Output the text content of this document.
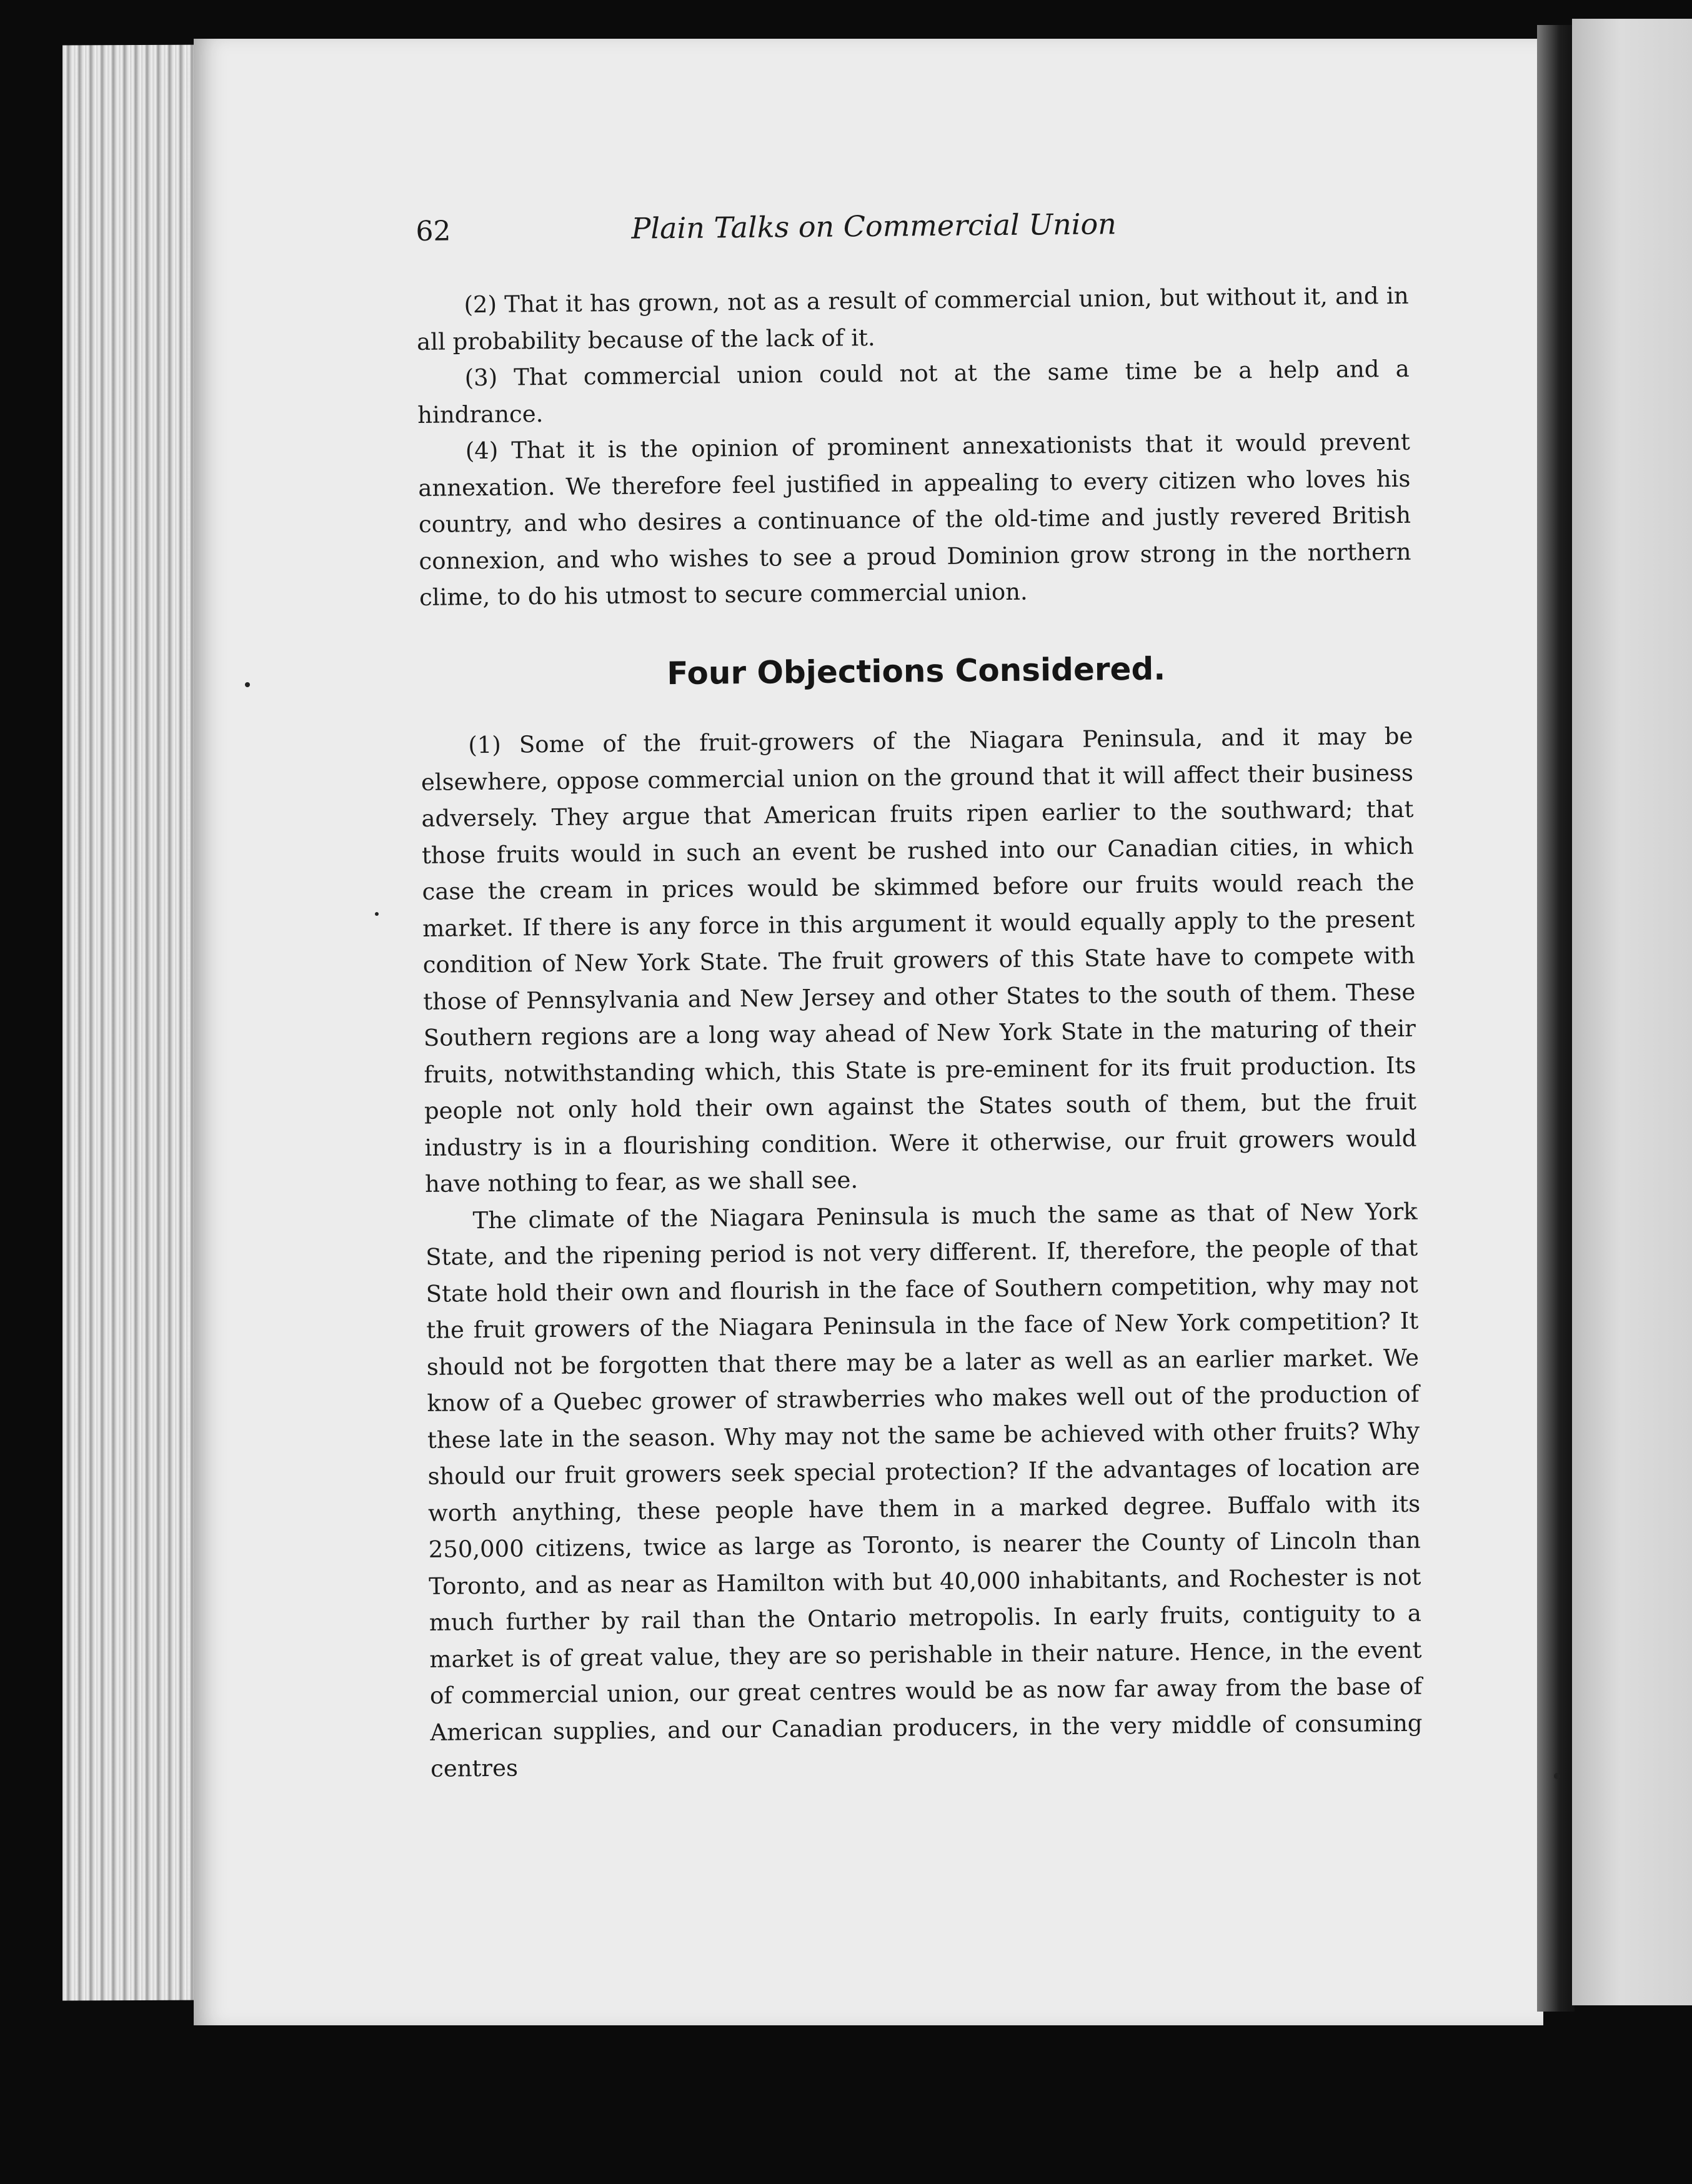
62	Plain Talks on Commercial Union

(2) That it has grown, not as a result of commercial union, but without it, and in all probability because of the lack of it.

(3) That commercial union could not at the same time be a help and a hindrance.

(4) That it is the opinion of prominent annexationists that it would prevent annexation. We therefore feel justified in appealing to every citizen who loves his country, and who desires a continuance of the old-time and justly revered British connexion, and who wishes to see a proud Dominion grow strong in the northern clime, to do his utmost to secure commercial union.

Four Objections Considered.

(1) Some of the fruit-growers of the Niagara Peninsula, and it may be elsewhere, oppose commercial union on the ground that it will affect their business adversely. They argue that American fruits ripen earlier to the southward; that those fruits would in such an event be rushed into our Canadian cities, in which case the cream in prices would be skimmed before our fruits would reach the market. If there is any force in this argument it would equally apply to the present condition of New York State. The fruit growers of this State have to compete with those of Pennsylvania and New Jersey and other States to the south of them. These Southern regions are a long way ahead of New York State in the maturing of their fruits, notwithstanding which, this State is pre-eminent for its fruit production. Its people not only hold their own against the States south of them, but the fruit industry is in a flourishing condition. Were it otherwise, our fruit growers would have nothing to fear, as we shall see.

The climate of the Niagara Peninsula is much the same as that of New York State, and the ripening period is not very different. If, therefore, the people of that State hold their own and flourish in the face of Southern competition, why may not the fruit growers of the Niagara Peninsula in the face of New York competition? It should not be forgotten that there may be a later as well as an earlier market. We know of a Quebec grower of strawberries who makes well out of the production of these late in the season. Why may not the same be achieved with other fruits? Why should our fruit growers seek special protection? If the advantages of location are worth anything, these people have them in a marked degree. Buffalo with its 250,000 citizens, twice as large as Toronto, is nearer the County of Lincoln than Toronto, and as near as Hamilton with but 40,000 inhabitants, and Rochester is not much further by rail than the Ontario metropolis. In early fruits, contiguity to a market is of great value, they are so perishable in their nature. Hence, in the event of commercial union, our great centres would be as now far away from the base of American supplies, and our Canadian producers, in the very middle of consuming centres
